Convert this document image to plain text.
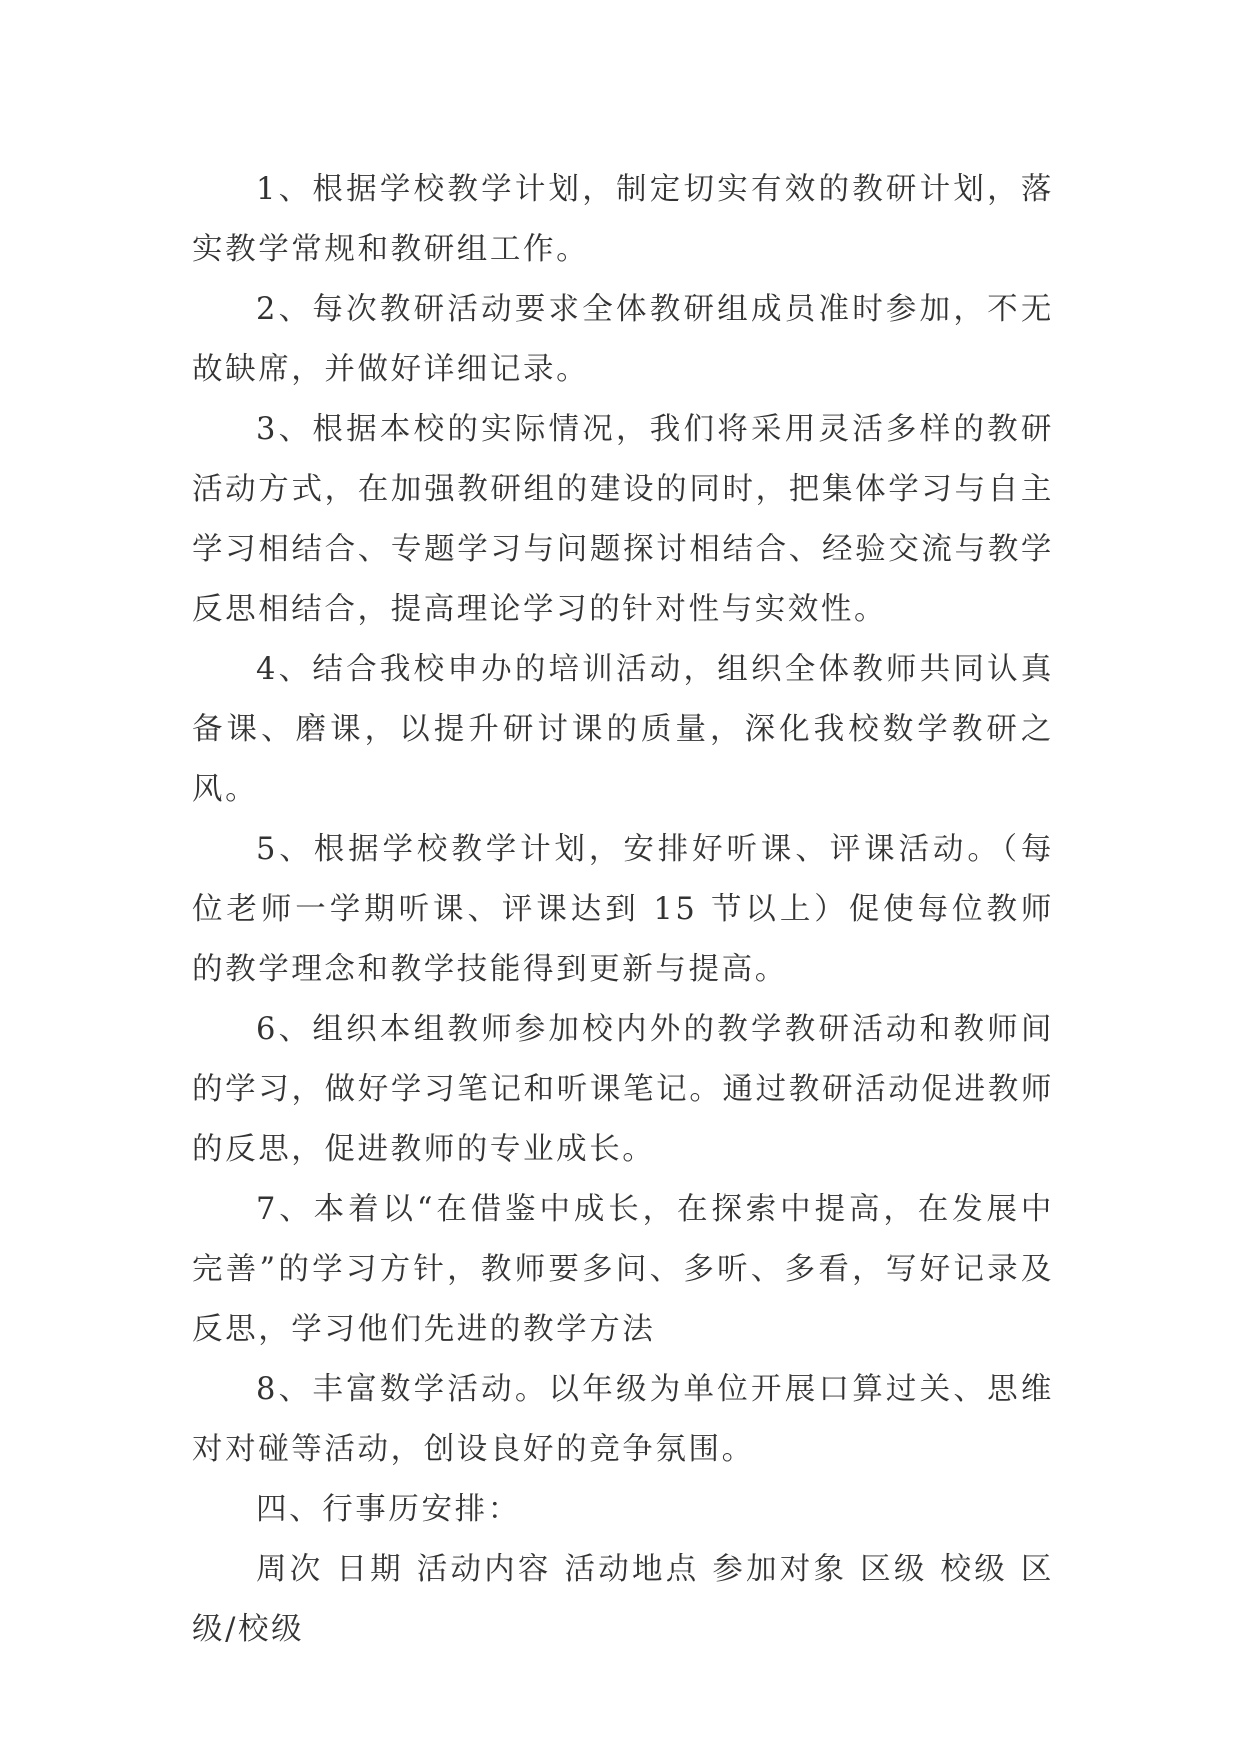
1、根据学校教学计划，制定切实有效的教研计划，落实教学常规和教研组工作。

2、每次教研活动要求全体教研组成员准时参加，不无故缺席，并做好详细记录。

3、根据本校的实际情况，我们将采用灵活多样的教研活动方式，在加强教研组的建设的同时，把集体学习与自主学习相结合、专题学习与问题探讨相结合、经验交流与教学反思相结合，提高理论学习的针对性与实效性。

4、结合我校申办的培训活动，组织全体教师共同认真备课、磨课，以提升研讨课的质量，深化我校数学教研之风。

5、根据学校教学计划，安排好听课、评课活动。（每位老师一学期听课、评课达到 15 节以上）促使每位教师的教学理念和教学技能得到更新与提高。

6、组织本组教师参加校内外的教学教研活动和教师间的学习，做好学习笔记和听课笔记。通过教研活动促进教师的反思，促进教师的专业成长。

7、本着以“在借鉴中成长，在探索中提高，在发展中完善”的学习方针，教师要多问、多听、多看，写好记录及反思，学习他们先进的教学方法

8、丰富数学活动。以年级为单位开展口算过关、思维对对碰等活动，创设良好的竞争氛围。

四、行事历安排：

周次 日期 活动内容 活动地点 参加对象 区级 校级 区级/校级
